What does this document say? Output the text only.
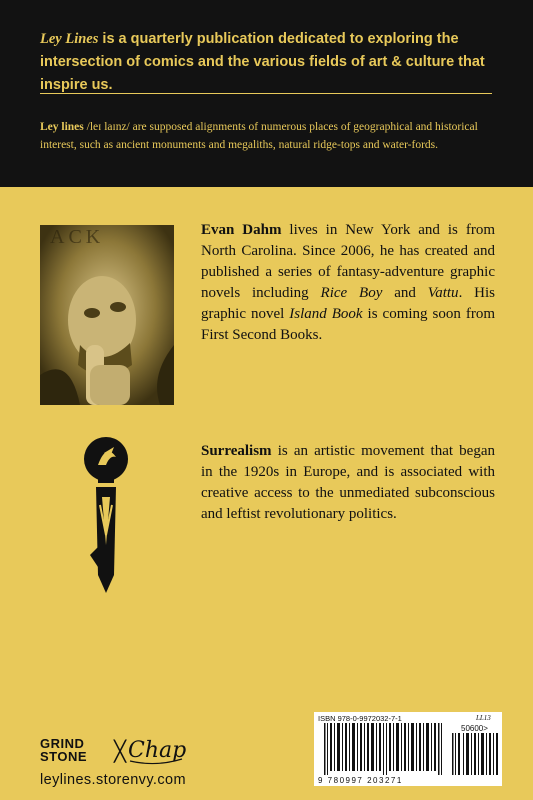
Ley Lines is a quarterly publication dedicated to exploring the intersection of comics and the various fields of art & culture that inspire us.
Ley lines /leɪ laɪnz/ are supposed alignments of numerous places of geographical and historical interest, such as ancient monuments and megaliths, natural ridge-tops and water-fords.
ACK	Evan Dahm lives in New York and is from North Carolina. Since 2006, he has created and published a series of fantasy-adventure graphic novels including Rice Boy and Vattu. His graphic novel Island Book is coming soon from First Second Books.
Surrealism is an artistic movement that began in the 1920s in Europe, and is associated with creative access to the unmediated subconscious and leftist revolutionary politics.
GRIND
STONE ╳ Chap
leylines.storenvy.com
ISBN 978-0-9972032-7-1	LL13
50600>
9 780997 203271
